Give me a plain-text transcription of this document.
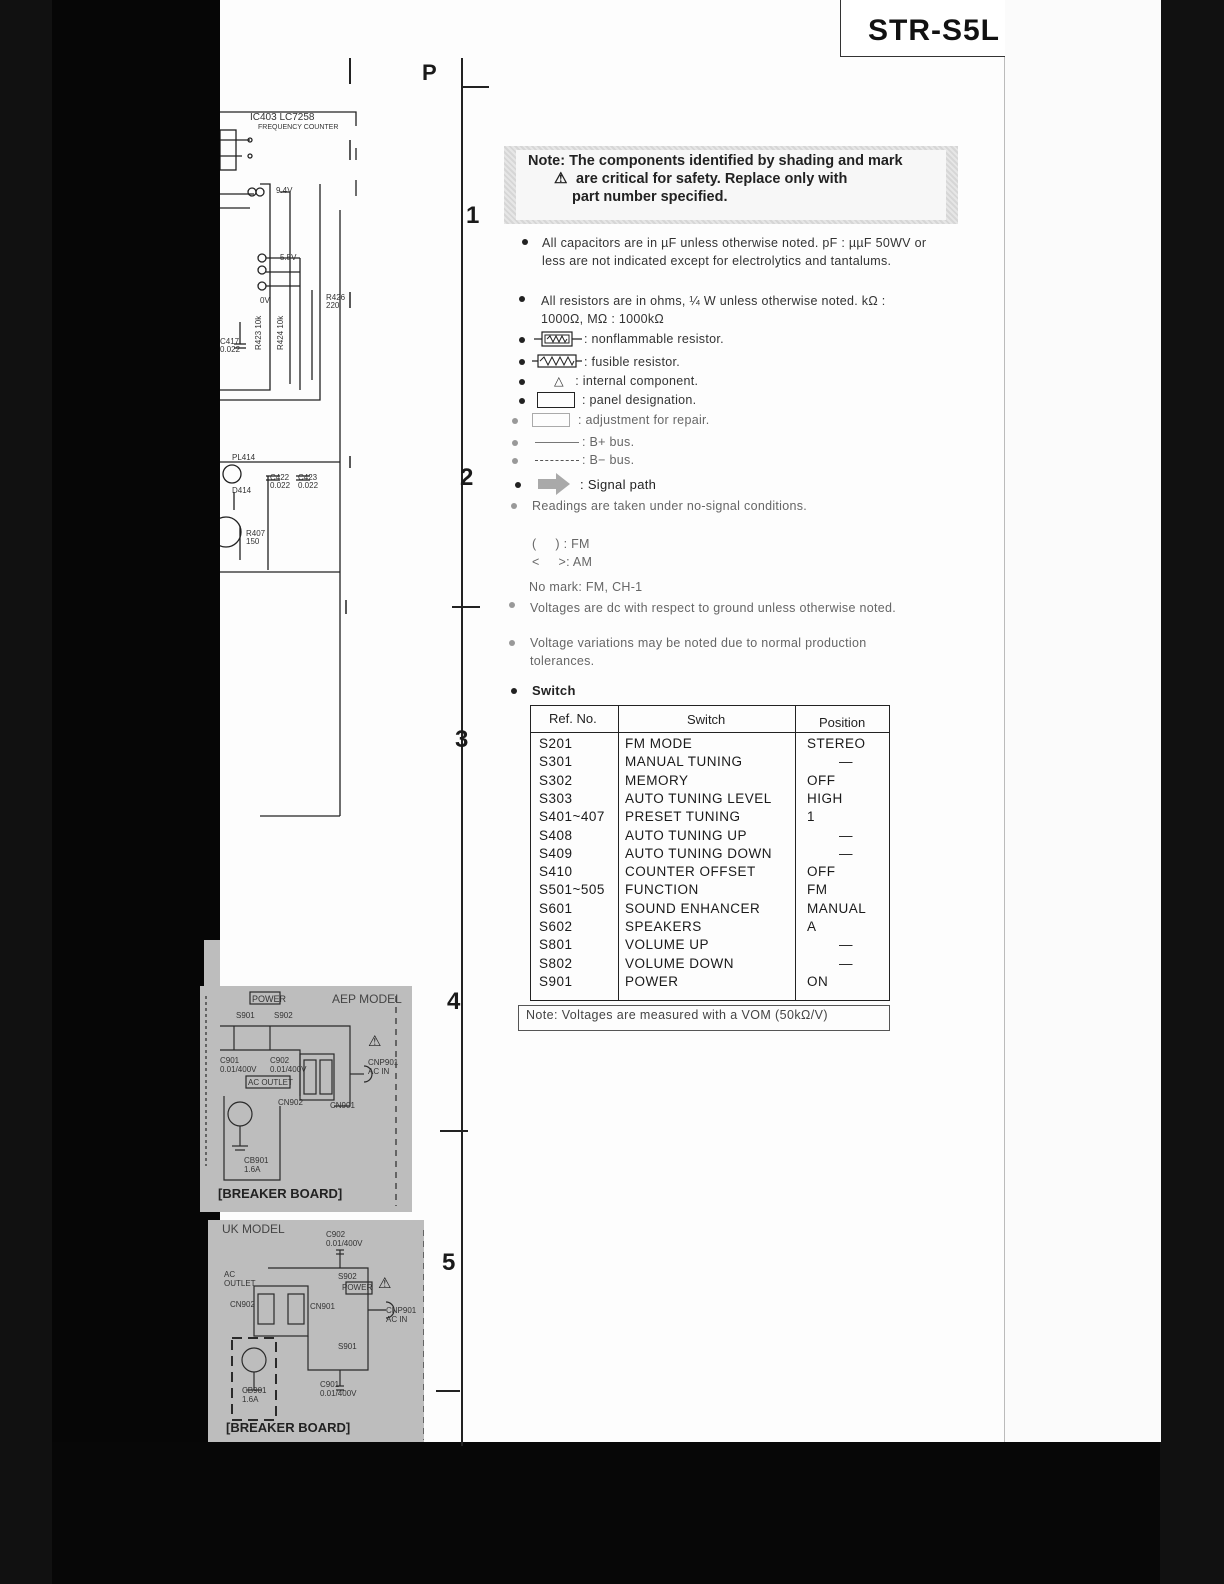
STR-S5L
P
1
2
3
4
5
IC403 LC7258
FREQUENCY COUNTER
9.4V
5.5V
0V	R426
220
C417
0.022 R423 10k R424 10k
PL414
D414
C422
0.022
C423
0.022
R407
150
Note: The components identified by shading and mark
⚠ are critical for safety. Replace only with
part number specified.
All capacitors are in µF unless otherwise noted. pF : µµF 50WV or less are not indicated except for electrolytics and tantalums.
All resistors are in ohms, ¼ W unless otherwise noted. kΩ : 1000Ω, MΩ : 1000kΩ
: nonflammable resistor.
: fusible resistor.
△   : internal component.
: panel designation.
: adjustment for repair.
: B+ bus.
: B− bus.
: Signal path
Readings are taken under no-signal conditions.
(     ) : FM
<     >: AM
No mark: FM, CH-1
Voltages are dc with respect to ground unless otherwise noted.
Voltage variations may be noted due to normal production tolerances.
Switch
Ref. No.	Switch	Position
S201	FM MODE	STEREO
S301	MANUAL TUNING	—
S302	MEMORY	OFF
S303	AUTO TUNING LEVEL	HIGH
S401~407 PRESET TUNING	1
S408	AUTO TUNING UP	—
S409	AUTO TUNING DOWN	—
S410	COUNTER OFFSET	OFF
S501~505 FUNCTION	FM
S601	SOUND ENHANCER	MANUAL
S602	SPEAKERS	A
S801	VOLUME UP	—
S802	VOLUME DOWN	—
S901	POWER	ON
Note: Voltages are measured with a VOM (50kΩ/V)
POWER	AEP MODEL
S901 S902
C901
0.01/400V
C902
0.01/400V
AC OUTLET
CN902	CN901
CNP901
AC IN
⚠
CB901
1.6A
[BREAKER BOARD]
UK MODEL	C902
0.01/400V
S902
POWER ⚠
AC
OUTLET
CN902	CN901	CNP901
AC IN
S901
C901
0.01/400V
CB901
1.6A
[BREAKER BOARD]
